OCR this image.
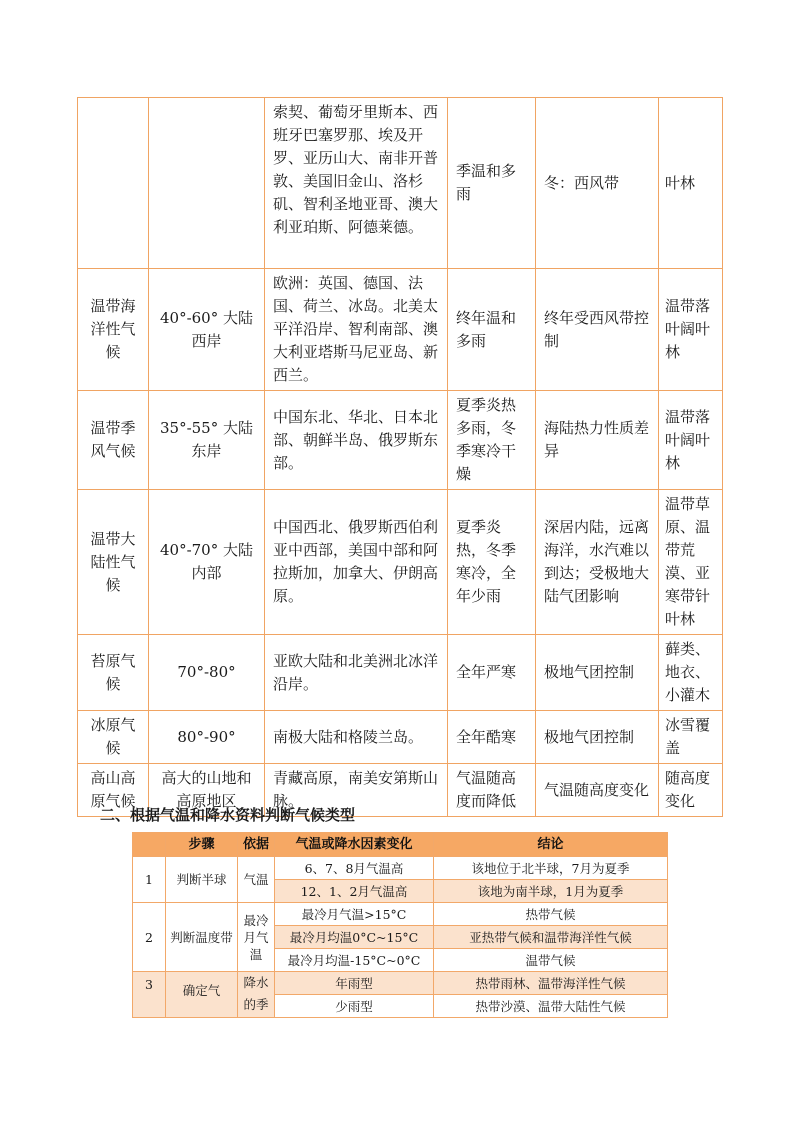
		索契、葡萄牙里斯本、西班牙巴塞罗那、埃及开罗、亚历山大、南非开普敦、美国旧金山、洛杉矶、智利圣地亚哥、澳大利亚珀斯、阿德莱德。	季温和多雨	冬：西风带	叶林
温带海洋性气候	40°-60° 大陆西岸	欧洲：英国、德国、法国、荷兰、冰岛。北美太平洋沿岸、智利南部、澳大利亚塔斯马尼亚岛、新西兰。	终年温和多雨	终年受西风带控制	温带落叶阔叶林
温带季风气候	35°-55° 大陆东岸	中国东北、华北、日本北部、朝鲜半岛、俄罗斯东部。	夏季炎热多雨，冬季寒冷干燥	海陆热力性质差异	温带落叶阔叶林
温带大陆性气候	40°-70° 大陆内部	中国西北、俄罗斯西伯利亚中西部，美国中部和阿拉斯加，加拿大、伊朗高原。	夏季炎热，冬季寒冷，全年少雨	深居内陆，远离海洋，水汽难以到达；受极地大陆气团影响	温带草原、温带荒漠、亚寒带针叶林
苔原气候	70°-80°	亚欧大陆和北美洲北冰洋沿岸。	全年严寒	极地气团控制	藓类、地衣、小灌木
冰原气候	80°-90°	南极大陆和格陵兰岛。	全年酷寒	极地气团控制	冰雪覆盖
高山高原气候	高大的山地和高原地区	青藏高原，南美安第斯山脉。	气温随高度而降低	气温随高度变化	随高度变化
二、根据气温和降水资料判断气候类型
	步骤	依据	气温或降水因素变化	结论
1	判断半球	气温	6、7、8月气温高	该地位于北半球，7月为夏季
			12、1、2月气温高	该地为南半球，1月为夏季
2	判断温度带	最冷月气温	最冷月气温>15°C	热带气候
			最冷月均温0°C~15°C	亚热带气候和温带海洋性气候
			最冷月均温-15°C~0°C	温带气候
3	确定气	降水的季	年雨型	热带雨林、温带海洋性气候
			少雨型	热带沙漠、温带大陆性气候
